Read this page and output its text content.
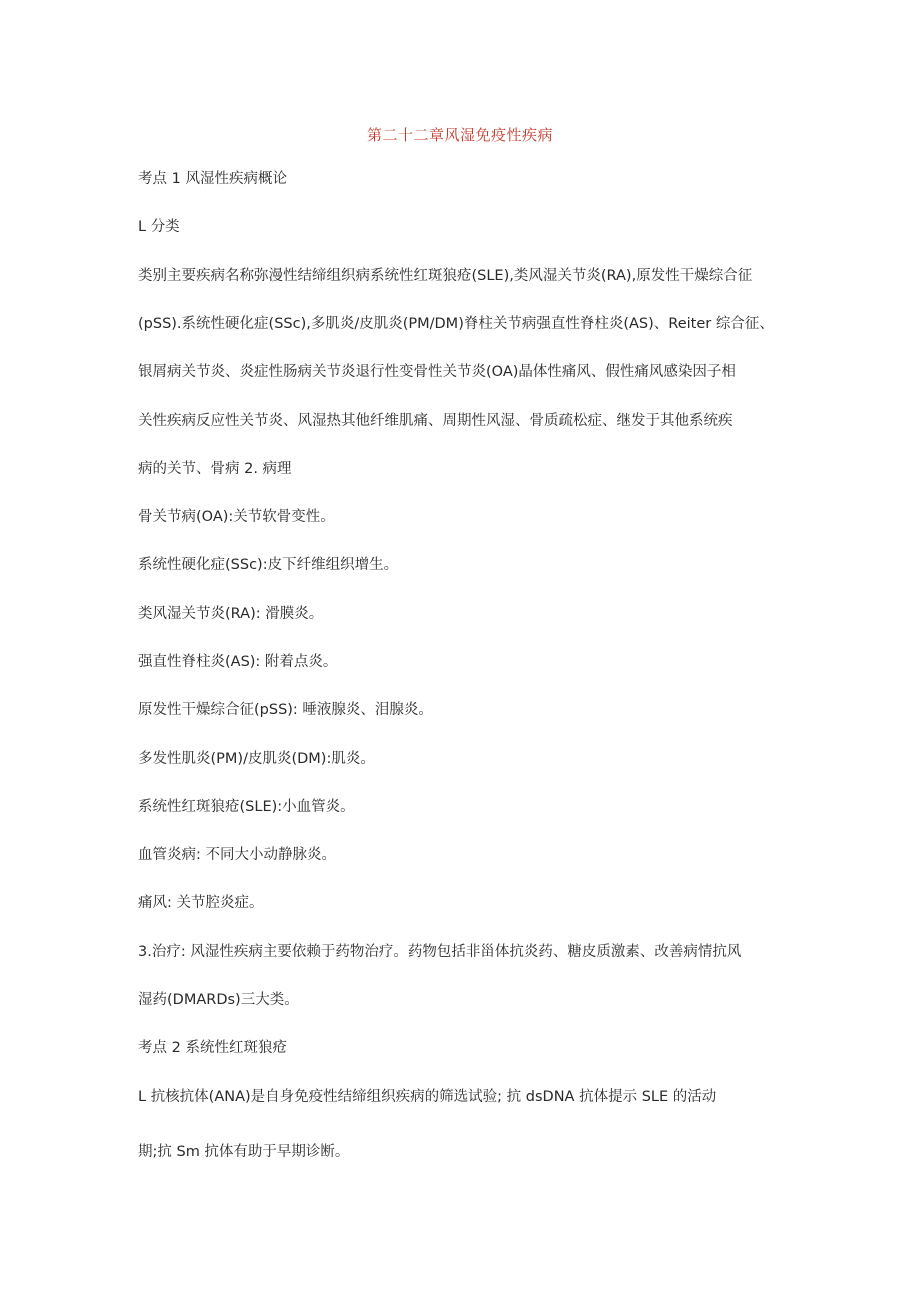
第二十二章风湿免疫性疾病
考点 1 风湿性疾病概论
L 分类
类别主要疾病名称弥漫性结缔组织病系统性红斑狼疮(SLE),类风湿关节炎(RA),原发性干燥综合征
(pSS).系统性硬化症(SSc),多肌炎/皮肌炎(PM/DM)脊柱关节病强直性脊柱炎(AS)、Reiter 综合征、
银屑病关节炎、炎症性肠病关节炎退行性变骨性关节炎(OA)晶体性痛风、假性痛风感染因子相
关性疾病反应性关节炎、风湿热其他纤维肌痛、周期性风湿、骨质疏松症、继发于其他系统疾
病的关节、骨病 2. 病理
骨关节病(OA):关节软骨变性。
系统性硬化症(SSc):皮下纤维组织增生。
类风湿关节炎(RA): 滑膜炎。
强直性脊柱炎(AS): 附着点炎。
原发性干燥综合征(pSS): 唾液腺炎、泪腺炎。
多发性肌炎(PM)/皮肌炎(DM):肌炎。
系统性红斑狼疮(SLE):小血管炎。
血管炎病: 不同大小动静脉炎。
痛风: 关节腔炎症。
3.治疗: 风湿性疾病主要依赖于药物治疗。药物包括非甾体抗炎药、糖皮质激素、改善病情抗风
湿药(DMARDs)三大类。
考点 2 系统性红斑狼疮
L 抗核抗体(ANA)是自身免疫性结缔组织疾病的筛选试验; 抗 dsDNA 抗体提示 SLE 的活动
期;抗 Sm 抗体有助于早期诊断。
